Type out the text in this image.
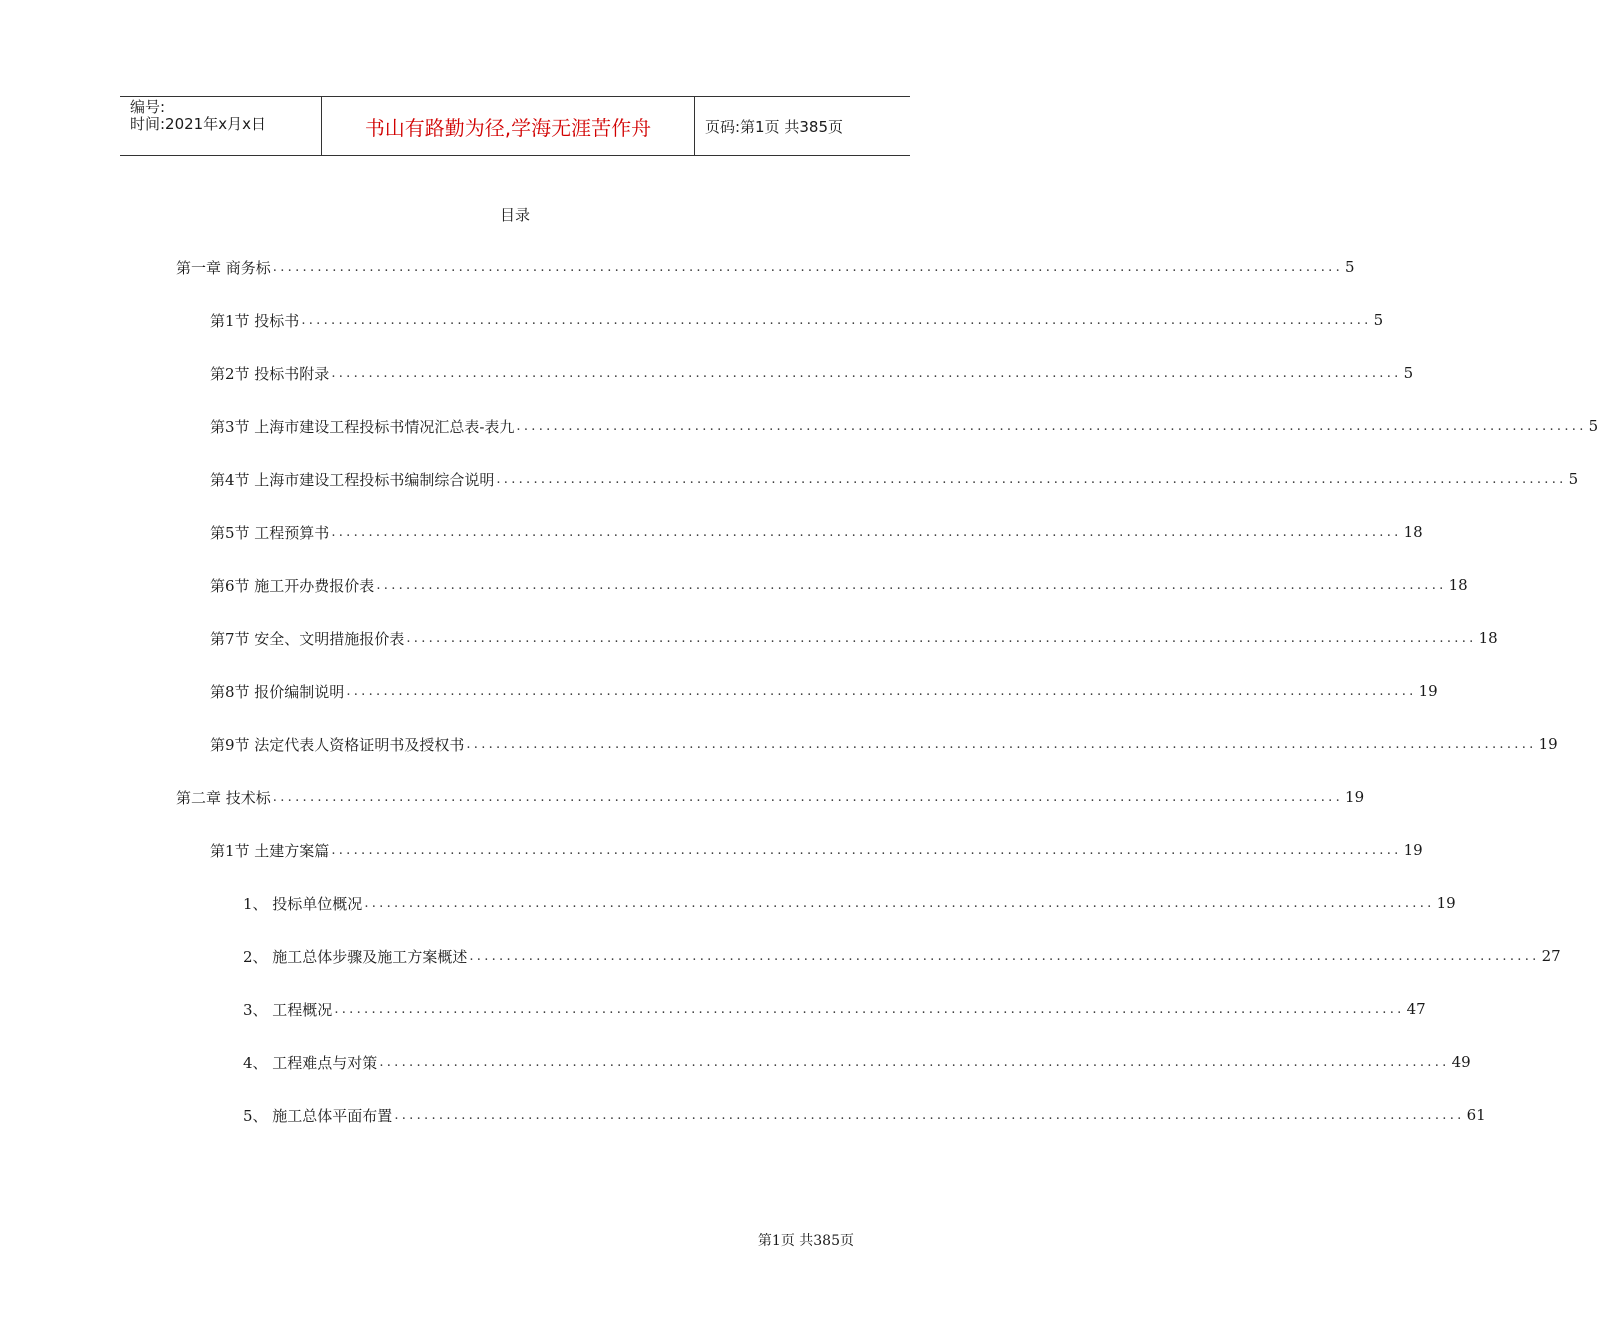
编号:
时间:2021年x月x日	书山有路勤为径,学海无涯苦作舟	页码:第1页 共385页
目录
第一章 商务标 ................................................................................................................................................ 5
第1节 投标书 ................................................................................................................................................ 5
第2节 投标书附录 ................................................................................................................................................ 5
第3节 上海市建设工程投标书情况汇总表-表九 ................................................................................................................................................ 5
第4节 上海市建设工程投标书编制综合说明 ................................................................................................................................................ 5
第5节 工程预算书 ................................................................................................................................................ 18
第6节 施工开办费报价表 ................................................................................................................................................ 18
第7节 安全、文明措施报价表 ................................................................................................................................................ 18
第8节 报价编制说明 ................................................................................................................................................ 19
第9节 法定代表人资格证明书及授权书 ................................................................................................................................................ 19
第二章 技术标 ................................................................................................................................................ 19
第1节 土建方案篇 ................................................................................................................................................ 19
1、 投标单位概况 ................................................................................................................................................ 19
2、 施工总体步骤及施工方案概述 ................................................................................................................................................ 27
3、 工程概况 ................................................................................................................................................ 47
4、 工程难点与对策 ................................................................................................................................................ 49
5、 施工总体平面布置 ................................................................................................................................................ 61
第1页 共385页
